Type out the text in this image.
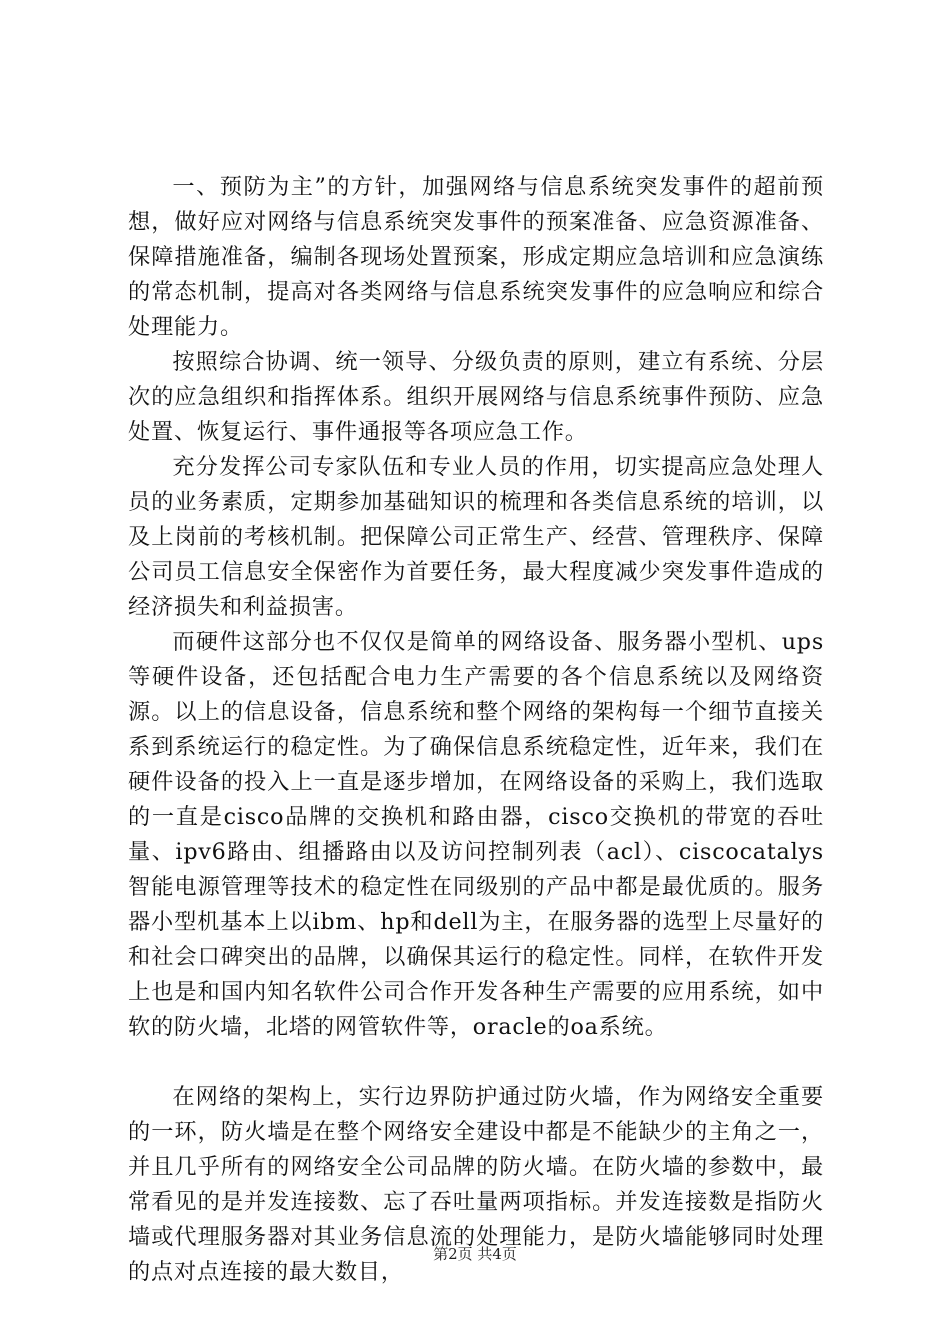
一、预防为主”的方针，加强网络与信息系统突发事件的超前预想，做好应对网络与信息系统突发事件的预案准备、应急资源准备、保障措施准备，编制各现场处置预案，形成定期应急培训和应急演练的常态机制，提高对各类网络与信息系统突发事件的应急响应和综合处理能力。

按照综合协调、统一领导、分级负责的原则，建立有系统、分层次的应急组织和指挥体系。组织开展网络与信息系统事件预防、应急处置、恢复运行、事件通报等各项应急工作。

充分发挥公司专家队伍和专业人员的作用，切实提高应急处理人员的业务素质，定期参加基础知识的梳理和各类信息系统的培训，以及上岗前的考核机制。把保障公司正常生产、经营、管理秩序、保障公司员工信息安全保密作为首要任务，最大程度减少突发事件造成的经济损失和利益损害。

而硬件这部分也不仅仅是简单的网络设备、服务器小型机、ups等硬件设备，还包括配合电力生产需要的各个信息系统以及网络资源。以上的信息设备，信息系统和整个网络的架构每一个细节直接关系到系统运行的稳定性。为了确保信息系统稳定性，近年来，我们在硬件设备的投入上一直是逐步增加，在网络设备的采购上，我们选取的一直是cisco品牌的交换机和路由器，cisco交换机的带宽的吞吐量、ipv6路由、组播路由以及访问控制列表（acl）、ciscocatalys智能电源管理等技术的稳定性在同级别的产品中都是最优质的。服务器小型机基本上以ibm、hp和dell为主，在服务器的选型上尽量好的和社会口碑突出的品牌，以确保其运行的稳定性。同样，在软件开发上也是和国内知名软件公司合作开发各种生产需要的应用系统，如中软的防火墙，北塔的网管软件等，oracle的oa系统。

在网络的架构上，实行边界防护通过防火墙，作为网络安全重要的一环，防火墙是在整个网络安全建设中都是不能缺少的主角之一，并且几乎所有的网络安全公司品牌的防火墙。在防火墙的参数中，最常看见的是并发连接数、忘了吞吐量两项指标。并发连接数是指防火墙或代理服务器对其业务信息流的处理能力，是防火墙能够同时处理的点对点连接的最大数目，

第2页 共4页
